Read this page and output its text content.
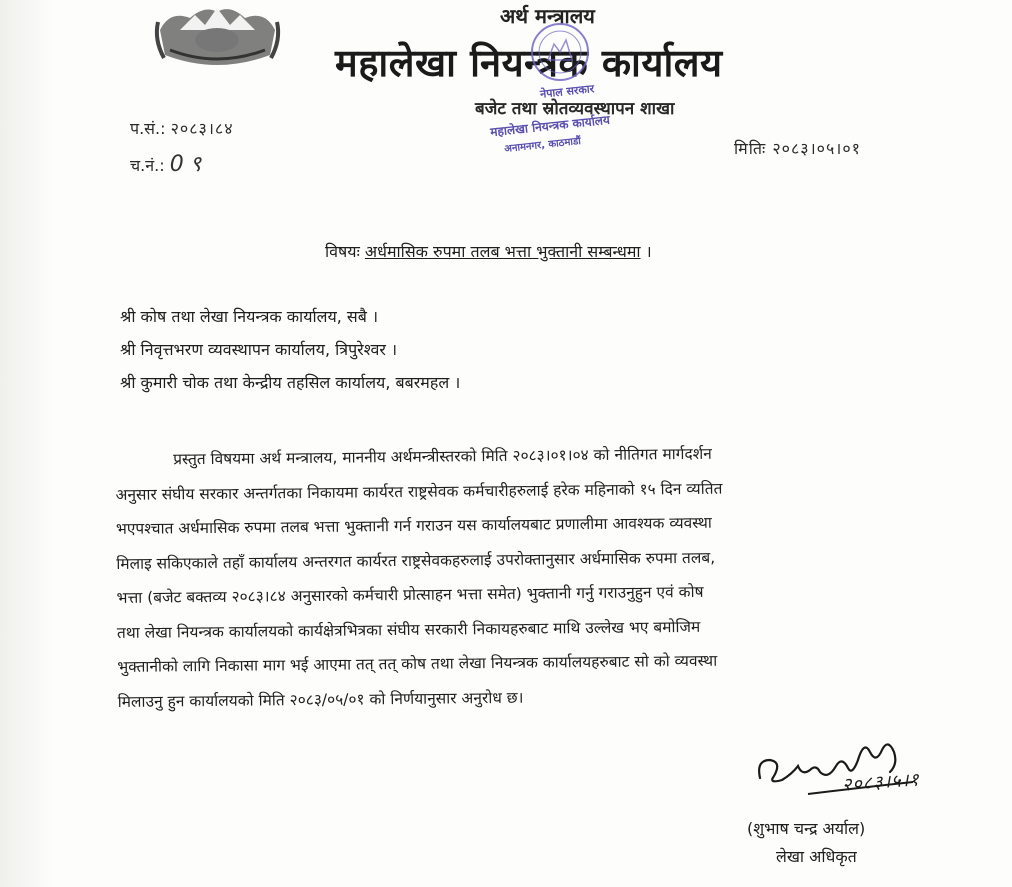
अर्थ मन्त्रालय
महालेखा नियन्त्रक कार्यालय
बजेट तथा स्रोतव्यवस्थापन शाखा
नेपाल सरकार
महालेखा नियन्त्रक कार्यालय
अनामनगर, काठमाडौं
प.सं.: २०८३।८४
च.नं.: 0९
मितिः २०८३।०५।०१
विषयः अर्धमासिक रुपमा तलब भत्ता भुक्तानी सम्बन्धमा ।
श्री कोष तथा लेखा नियन्त्रक कार्यालय, सबै ।
श्री निवृत्तभरण व्यवस्थापन कार्यालय, त्रिपुरेश्वर ।
श्री कुमारी चोक तथा केन्द्रीय तहसिल कार्यालय, बबरमहल ।
प्रस्तुत विषयमा अर्थ मन्त्रालय, माननीय अर्थमन्त्रीस्तरको मिति २०८३।०१।०४ को नीतिगत मार्गदर्शन
अनुसार संघीय सरकार अन्तर्गतका निकायमा कार्यरत राष्ट्रसेवक कर्मचारीहरुलाई हरेक महिनाको १५ दिन व्यतित
भएपश्चात अर्धमासिक रुपमा तलब भत्ता भुक्तानी गर्न गराउन यस कार्यालयबाट प्रणालीमा आवश्यक व्यवस्था
मिलाइ सकिएकाले तहाँ कार्यालय अन्तरगत कार्यरत राष्ट्रसेवकहरुलाई उपरोक्तानुसार अर्धमासिक रुपमा तलब,
भत्ता (बजेट बक्तव्य २०८३।८४ अनुसारको कर्मचारी प्रोत्साहन भत्ता समेत) भुक्तानी गर्नु गराउनुहुन एवं कोष
तथा लेखा नियन्त्रक कार्यालयको कार्यक्षेत्रभित्रका संघीय सरकारी निकायहरुबाट माथि उल्लेख भए बमोजिम
भुक्तानीको लागि निकासा माग भई आएमा तत् तत् कोष तथा लेखा नियन्त्रक कार्यालयहरुबाट सो को व्यवस्था
मिलाउनु हुन कार्यालयको मिति २०८३/०५/०१ को निर्णयानुसार अनुरोध छ।
२०८३।५।१
(शुभाष चन्द्र अर्याल)
लेखा अधिकृत
